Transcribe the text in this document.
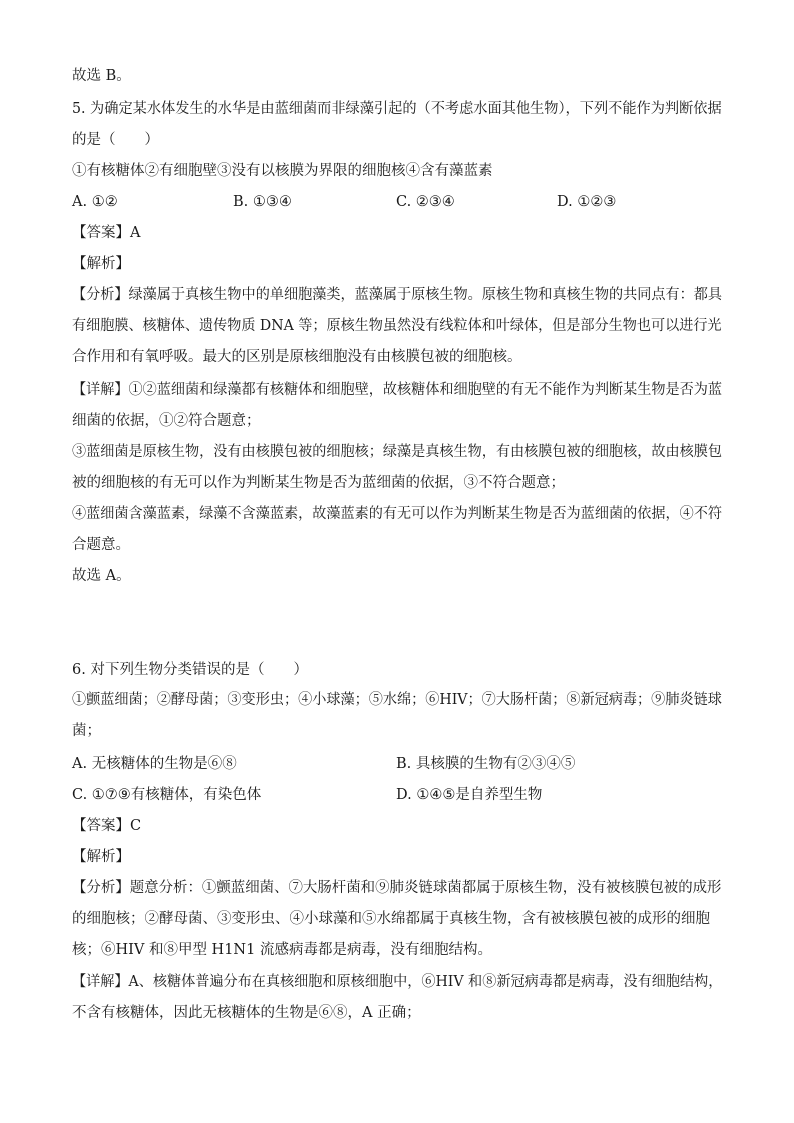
故选 B。
5. 为确定某水体发生的水华是由蓝细菌而非绿藻引起的（不考虑水面其他生物），下列不能作为判断依据
的是（　　）
①有核糖体②有细胞壁③没有以核膜为界限的细胞核④含有藻蓝素
A. ①②	B. ①③④	C. ②③④	D. ①②③
【答案】A
【解析】
【分析】绿藻属于真核生物中的单细胞藻类，蓝藻属于原核生物。原核生物和真核生物的共同点有：都具
有细胞膜、核糖体、遗传物质 DNA 等；原核生物虽然没有线粒体和叶绿体，但是部分生物也可以进行光
合作用和有氧呼吸。最大的区别是原核细胞没有由核膜包被的细胞核。
【详解】①②蓝细菌和绿藻都有核糖体和细胞壁，故核糖体和细胞壁的有无不能作为判断某生物是否为蓝
细菌的依据，①②符合题意；
③蓝细菌是原核生物，没有由核膜包被的细胞核；绿藻是真核生物，有由核膜包被的细胞核，故由核膜包
被的细胞核的有无可以作为判断某生物是否为蓝细菌的依据，③不符合题意；
④蓝细菌含藻蓝素，绿藻不含藻蓝素，故藻蓝素的有无可以作为判断某生物是否为蓝细菌的依据，④不符
合题意。
故选 A。
6. 对下列生物分类错误的是（　　）
①颤蓝细菌；②酵母菌；③变形虫；④小球藻；⑤水绵；⑥HIV；⑦大肠杆菌；⑧新冠病毒；⑨肺炎链球
菌；
A. 无核糖体的生物是⑥⑧	B. 具核膜的生物有②③④⑤
C. ①⑦⑨有核糖体，有染色体	D. ①④⑤是自养型生物
【答案】C
【解析】
【分析】题意分析：①颤蓝细菌、⑦大肠杆菌和⑨肺炎链球菌都属于原核生物，没有被核膜包被的成形
的细胞核；②酵母菌、③变形虫、④小球藻和⑤水绵都属于真核生物，含有被核膜包被的成形的细胞
核；⑥HIV 和⑧甲型 H1N1 流感病毒都是病毒，没有细胞结构。
【详解】A、核糖体普遍分布在真核细胞和原核细胞中，⑥HIV 和⑧新冠病毒都是病毒，没有细胞结构，
不含有核糖体，因此无核糖体的生物是⑥⑧，A 正确；
